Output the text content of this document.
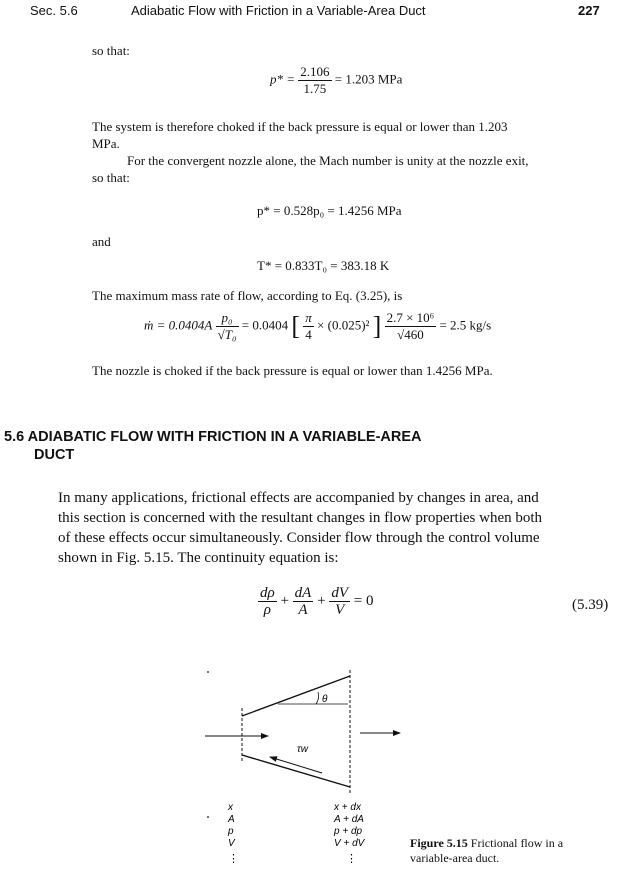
Sec. 5.6	Adiabatic Flow with Friction in a Variable-Area Duct	227
so that:
$p* = \frac{2.106}{1.75} = 1.203$ MPa
The system is therefore choked if the back pressure is equal or lower than 1.203
MPa.
For the convergent nozzle alone, the Mach number is unity at the nozzle exit,
so that:
p* = 0.528p₀ = 1.4256 MPa
and
T* = 0.833T₀ = 383.18 K
The maximum mass rate of flow, according to Eq. (3.25), is
ṁ = $0.0404A \frac{\text{p₀}}{\text{√T₀}} = 0.0404$ [ $\frac{\pi}{4} \times (0.025)^2$ ] $\frac{\text{2.7 × 10⁶}}{√460} = 2.5$ kg/s
The nozzle is choked if the back pressure is equal or lower than 1.4256 MPa.
5.6 ADIABATIC FLOW WITH FRICTION IN A VARIABLE-AREA
DUCT
In many applications, frictional effects are accompanied by changes in area, and
this section is concerned with the resultant changes in flow properties when both
of these effects occur simultaneously. Consider flow through the control volume
shown in Fig. 5.15. The continuity equation is:
$\frac{d\rho}{\rho} + \frac{dA}{A} + \frac{dV}{V} = 0$	(5.39)
θ
τw
x
A
p
V
⋮
x + dx
A + dA
p + dp
V + dV
⋮
Figure 5.15 Frictional flow in a
variable-area duct.
